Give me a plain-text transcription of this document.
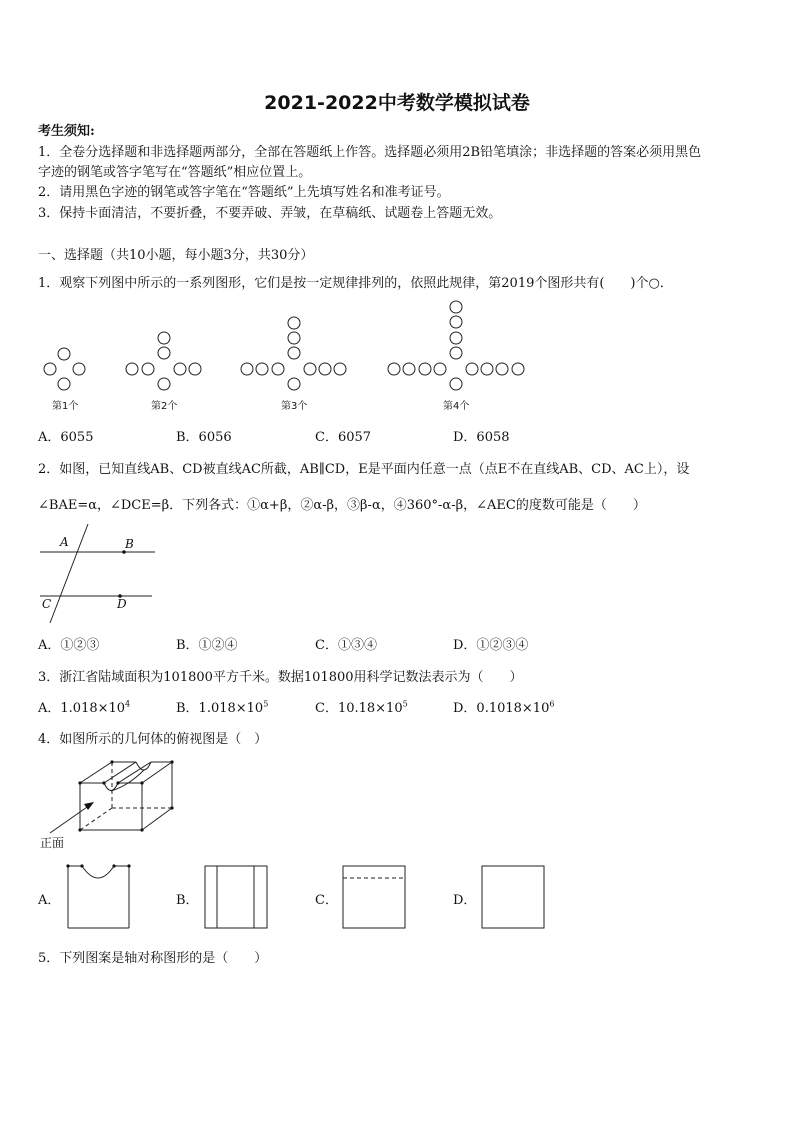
2021-2022中考数学模拟试卷
考生须知:
1．全卷分选择题和非选择题两部分，全部在答题纸上作答。选择题必须用2B铅笔填涂；非选择题的答案必须用黑色
字迹的钢笔或答字笔写在“答题纸”相应位置上。
2．请用黑色字迹的钢笔或答字笔在“答题纸”上先填写姓名和准考证号。
3．保持卡面清洁，不要折叠，不要弄破、弄皱，在草稿纸、试题卷上答题无效。
一、选择题（共10小题，每小题3分，共30分）
1．观察下列图中所示的一系列图形，它们是按一定规律排列的，依照此规律，第2019个图形共有(　　)个○．
第1个	第2个	第3个	第4个
A．6055	B．6056	C．6057	D．6058
2．如图，已知直线AB、CD被直线AC所截，AB∥CD，E是平面内任意一点（点E不在直线AB、CD、AC上），设
∠BAE=α，∠DCE=β．下列各式：①α+β，②α-β，③β-α，④360°-α-β，∠AEC的度数可能是（　　）
A	B
C	D
A．①②③	B．①②④	C．①③④	D．①②③④
3．浙江省陆域面积为101800平方千米。数据101800用科学记数法表示为（　　）
A．$1.018\times 10^4$	B．$1.018\times 10^5$	C．$10.18\times 10^5$	D．$0.1018\times 10^6$
4．如图所示的几何体的俯视图是（　）
正面
A．	B．	C．	D．
5．下列图案是轴对称图形的是（　　）
